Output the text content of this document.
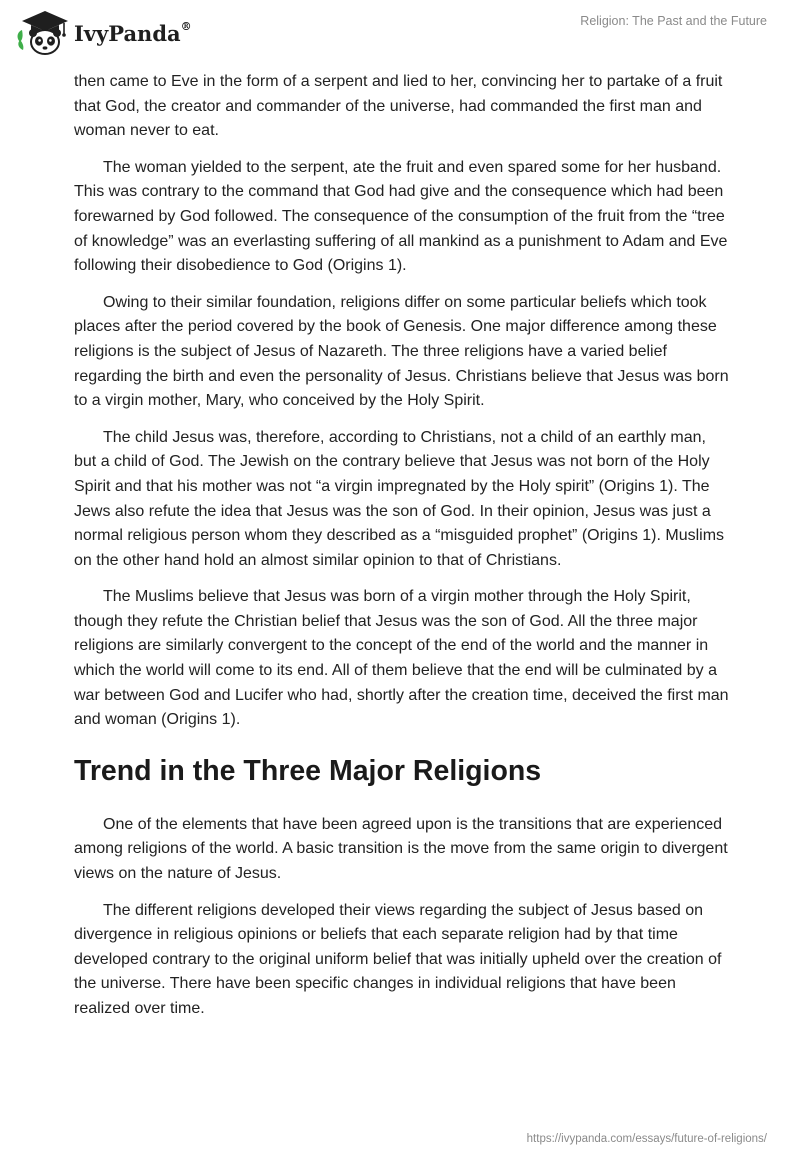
IvyPanda®	Religion: The Past and the Future

then came to Eve in the form of a serpent and lied to her, convincing her to partake of a fruit that God, the creator and commander of the universe, had commanded the first man and woman never to eat.

The woman yielded to the serpent, ate the fruit and even spared some for her husband. This was contrary to the command that God had give and the consequence which had been forewarned by God followed. The consequence of the consumption of the fruit from the “tree of knowledge” was an everlasting suffering of all mankind as a punishment to Adam and Eve following their disobedience to God (Origins 1).

Owing to their similar foundation, religions differ on some particular beliefs which took places after the period covered by the book of Genesis. One major difference among these religions is the subject of Jesus of Nazareth. The three religions have a varied belief regarding the birth and even the personality of Jesus. Christians believe that Jesus was born to a virgin mother, Mary, who conceived by the Holy Spirit.

The child Jesus was, therefore, according to Christians, not a child of an earthly man, but a child of God. The Jewish on the contrary believe that Jesus was not born of the Holy Spirit and that his mother was not “a virgin impregnated by the Holy spirit” (Origins 1). The Jews also refute the idea that Jesus was the son of God. In their opinion, Jesus was just a normal religious person whom they described as a “misguided prophet” (Origins 1). Muslims on the other hand hold an almost similar opinion to that of Christians.

The Muslims believe that Jesus was born of a virgin mother through the Holy Spirit, though they refute the Christian belief that Jesus was the son of God. All the three major religions are similarly convergent to the concept of the end of the world and the manner in which the world will come to its end. All of them believe that the end will be culminated by a war between God and Lucifer who had, shortly after the creation time, deceived the first man and woman (Origins 1).

Trend in the Three Major Religions

One of the elements that have been agreed upon is the transitions that are experienced among religions of the world. A basic transition is the move from the same origin to divergent views on the nature of Jesus.

The different religions developed their views regarding the subject of Jesus based on divergence in religious opinions or beliefs that each separate religion had by that time developed contrary to the original uniform belief that was initially upheld over the creation of the universe. There have been specific changes in individual religions that have been realized over time.

https://ivypanda.com/essays/future-of-religions/
